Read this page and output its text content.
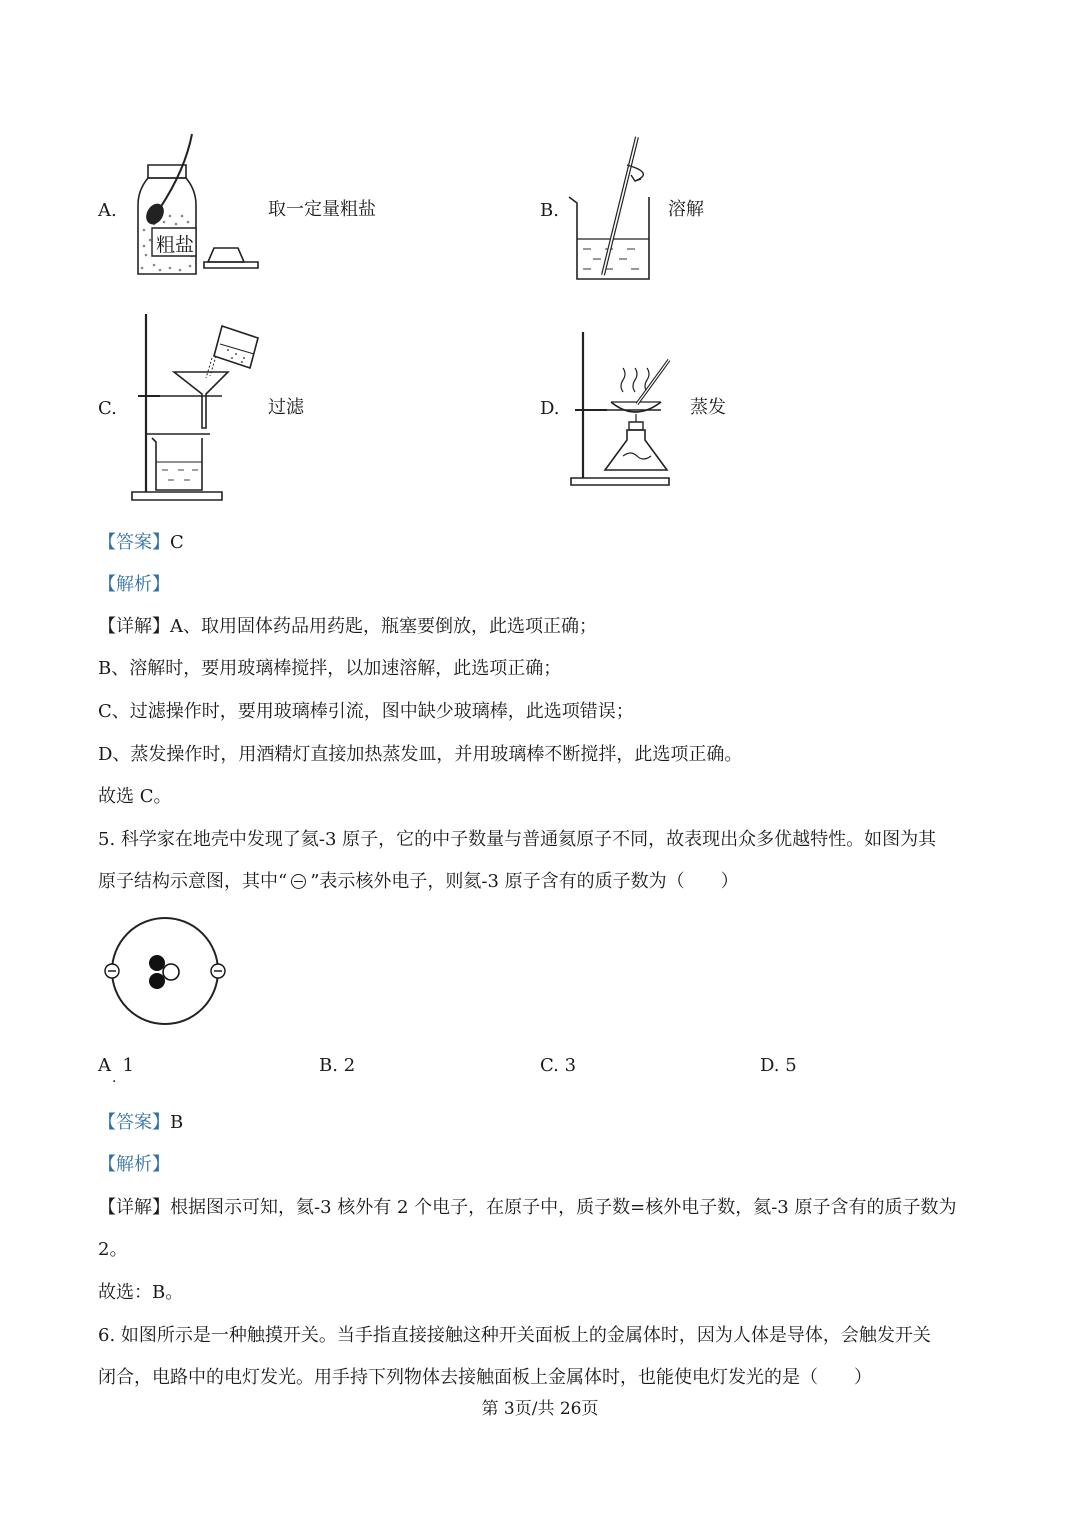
A.
粗盐
取一定量粗盐	B.	溶解
C.	过滤	D.	蒸发
【答案】C
【解析】
【详解】A、取用固体药品用药匙，瓶塞要倒放，此选项正确；
B、溶解时，要用玻璃棒搅拌，以加速溶解，此选项正确；
C、过滤操作时，要用玻璃棒引流，图中缺少玻璃棒，此选项错误；
D、蒸发操作时，用酒精灯直接加热蒸发皿，并用玻璃棒不断搅拌，此选项正确。
故选 C。
5. 科学家在地壳中发现了氦-3 原子，它的中子数量与普通氦原子不同，故表现出众多优越特性。如图为其
原子结构示意图，其中“ ”表示核外电子，则氦-3 原子含有的质子数为（　　）
A 1
·
B. 2	C. 3	D. 5
【答案】B
【解析】
【详解】根据图示可知，氦-3 核外有 2 个电子，在原子中，质子数=核外电子数，氦-3 原子含有的质子数为
2。
故选：B。
6. 如图所示是一种触摸开关。当手指直接接触这种开关面板上的金属体时，因为人体是导体，会触发开关
闭合，电路中的电灯发光。用手持下列物体去接触面板上金属体时，也能使电灯发光的是（　　）
第 3页/共 26页
